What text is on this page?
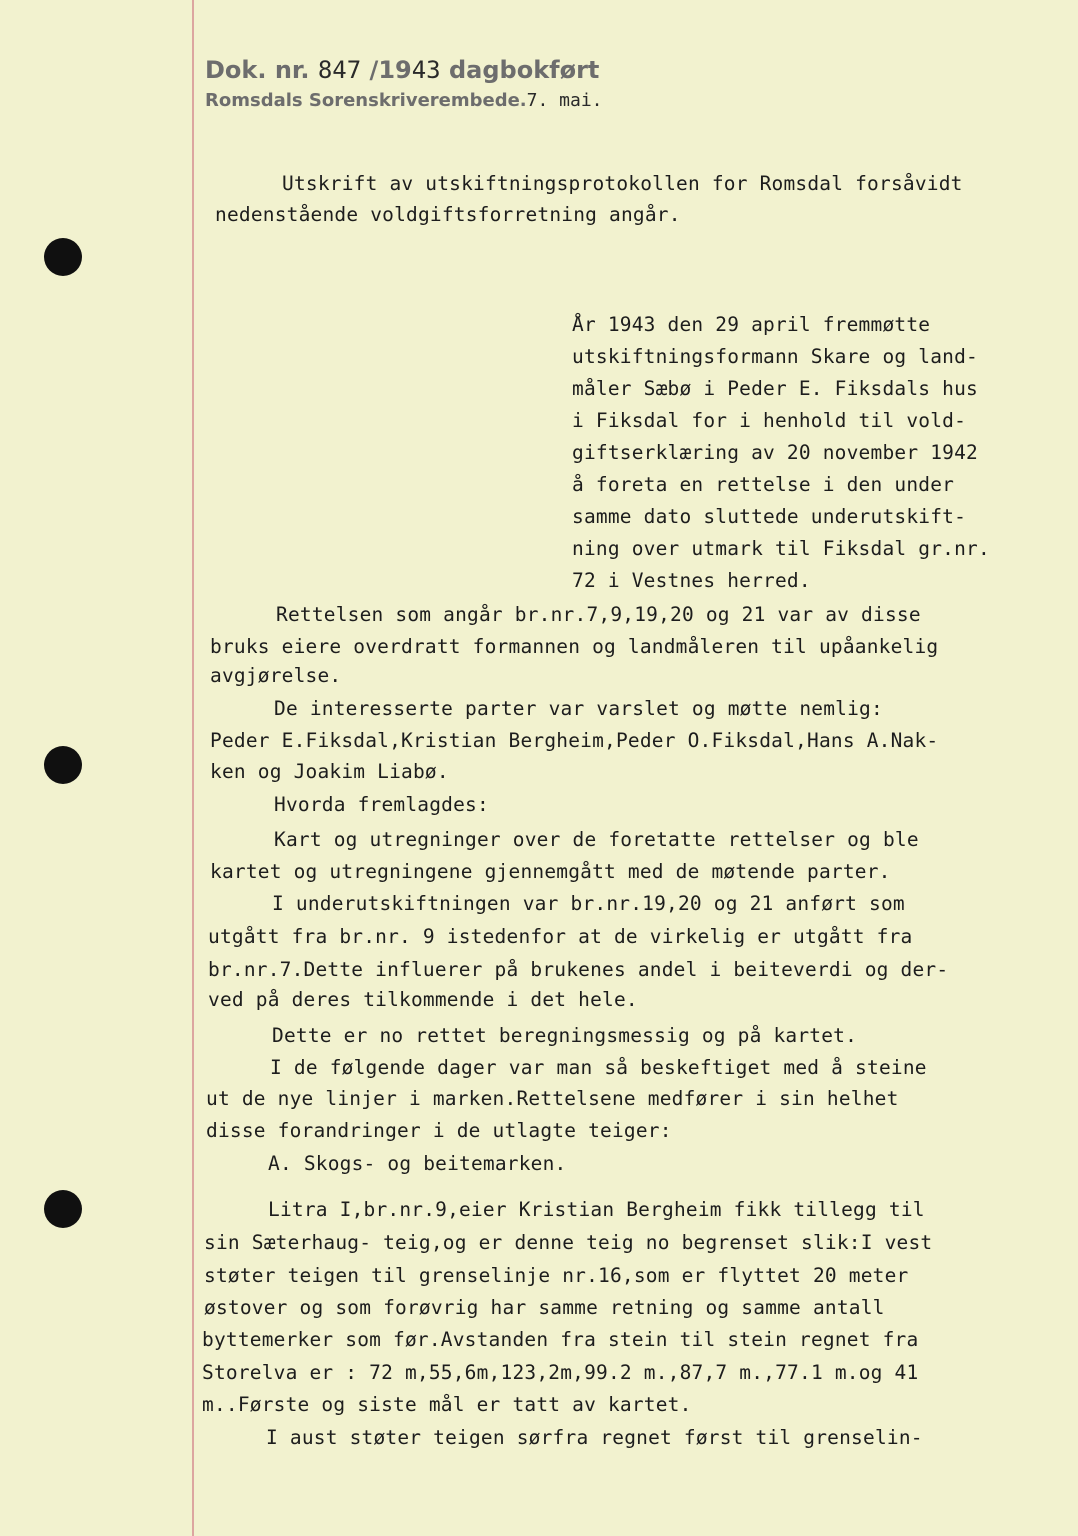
Dok. nr. 847 /1943 dagbokført
Romsdals Sorenskriverembede.7. mai.
Utskrift av utskiftningsprotokollen for Romsdal forsåvidt
nedenstående voldgiftsforretning angår.
År 1943 den 29 april fremmøtte
utskiftningsformann Skare og land-
måler Sæbø i Peder E. Fiksdals hus
i Fiksdal for i henhold til vold-
giftserklæring av 20 november 1942
å foreta en rettelse i den under
samme dato sluttede underutskift-
ning over utmark til Fiksdal gr.nr.
72 i Vestnes herred.
Rettelsen som angår br.nr.7,9,19,20 og 21 var av disse
bruks eiere overdratt formannen og landmåleren til upåankelig
avgjørelse.
De interesserte parter var varslet og møtte nemlig:
Peder E.Fiksdal,Kristian Bergheim,Peder O.Fiksdal,Hans A.Nak-
ken og Joakim Liabø.
Hvorda fremlagdes:
Kart og utregninger over de foretatte rettelser og ble
kartet og utregningene gjennemgått med de møtende parter.
I underutskiftningen var br.nr.19,20 og 21 anført som
utgått fra br.nr. 9 istedenfor at de virkelig er utgått fra
br.nr.7.Dette influerer på brukenes andel i beiteverdi og der-
ved på deres tilkommende i det hele.
Dette er no rettet beregningsmessig og på kartet.
I de følgende dager var man så beskeftiget med å steine
ut de nye linjer i marken.Rettelsene medfører i sin helhet
disse forandringer i de utlagte teiger:
A. Skogs- og beitemarken.
Litra I,br.nr.9,eier Kristian Bergheim fikk tillegg til
sin Sæterhaug- teig,og er denne teig no begrenset slik:I vest
støter teigen til grenselinje nr.16,som er flyttet 20 meter
østover og som forøvrig har samme retning og samme antall
byttemerker som før.Avstanden fra stein til stein regnet fra
Storelva er : 72 m,55,6m,123,2m,99.2 m.,87,7 m.,77.1 m.og 41
m..Første og siste mål er tatt av kartet.
I aust støter teigen sørfra regnet først til grenselin-
